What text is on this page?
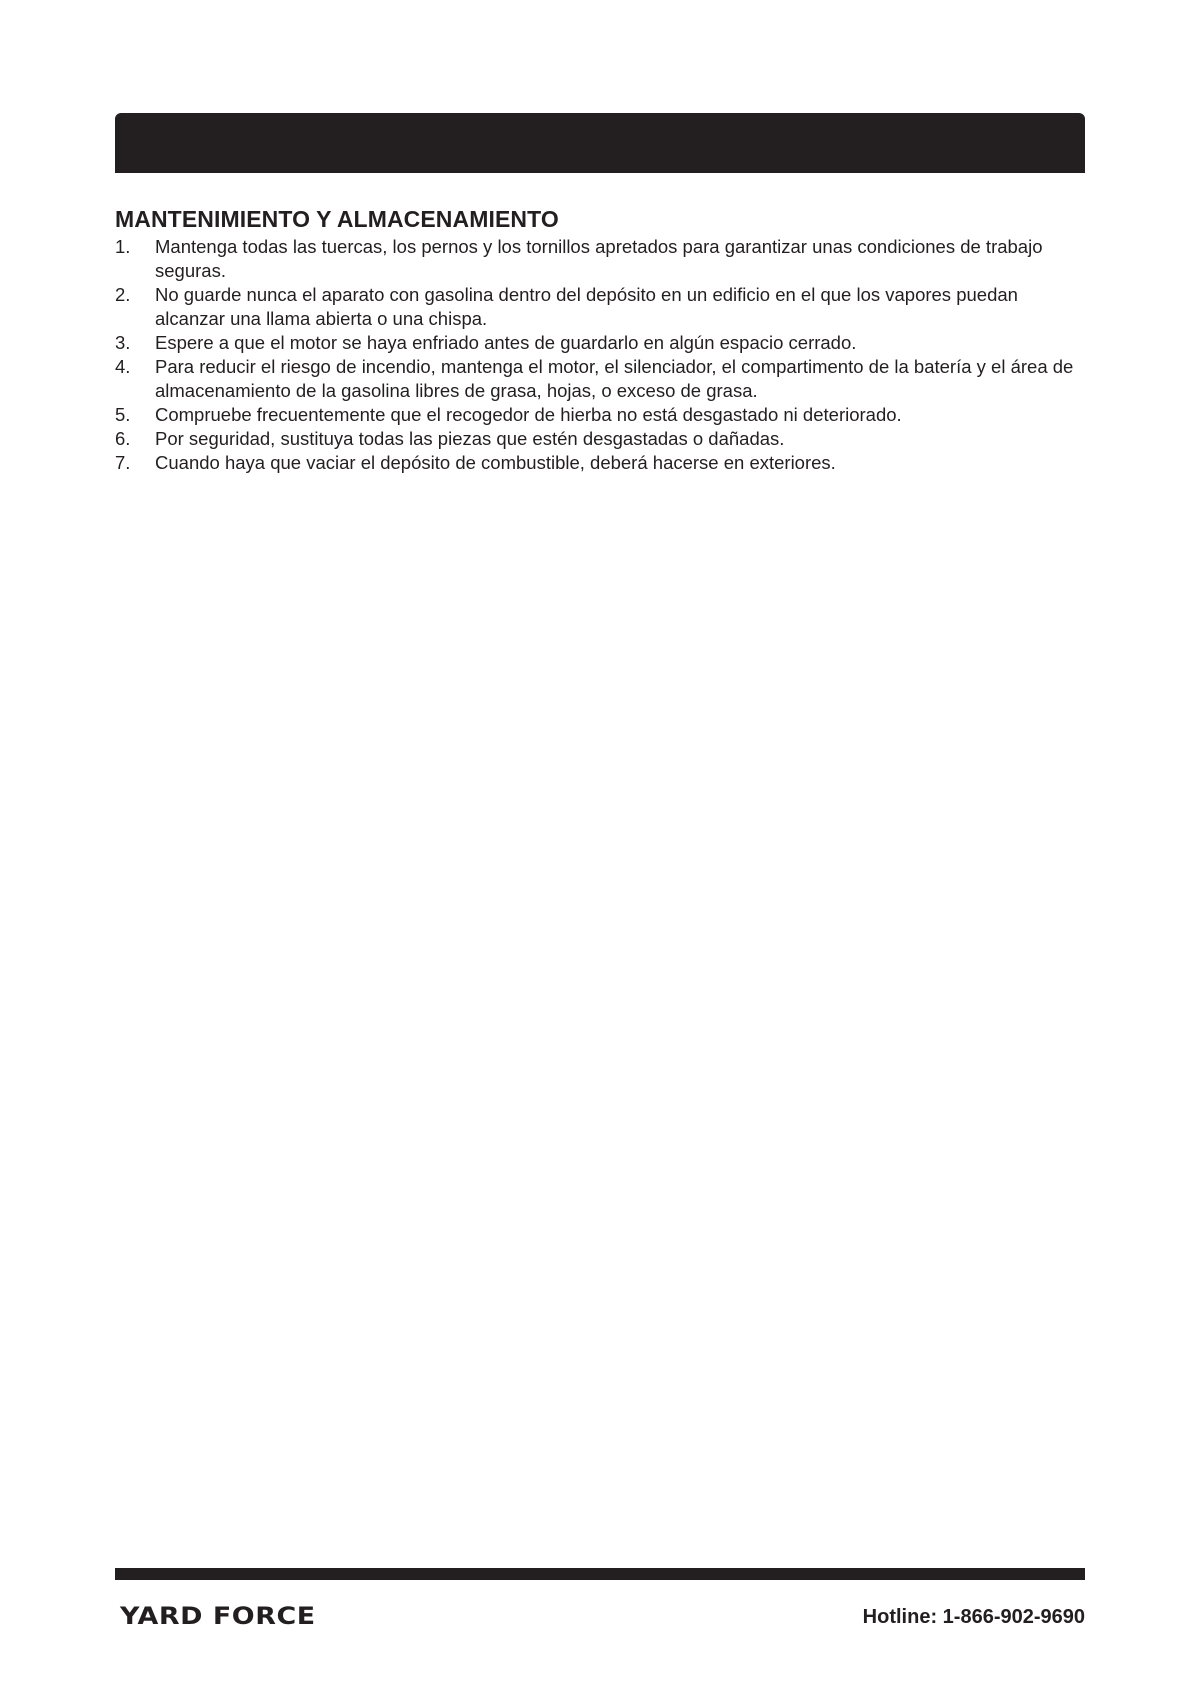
MANTENIMIENTO Y ALMACENAMIENTO
1. Mantenga todas las tuercas, los pernos y los tornillos apretados para garantizar unas condiciones de trabajo seguras.
2. No guarde nunca el aparato con gasolina dentro del depósito en un edificio en el que los vapores puedan alcanzar una llama abierta o una chispa.
3. Espere a que el motor se haya enfriado antes de guardarlo en algún espacio cerrado.
4. Para reducir el riesgo de incendio, mantenga el motor, el silenciador, el compartimento de la batería y el área de almacenamiento de la gasolina libres de grasa, hojas, o exceso de grasa.
5. Compruebe frecuentemente que el recogedor de hierba no está desgastado ni deteriorado.
6. Por seguridad, sustituya todas las piezas que estén desgastadas o dañadas.
7. Cuando haya que vaciar el depósito de combustible, deberá hacerse en exteriores.
YARD FORCE	Hotline: 1-866-902-9690
